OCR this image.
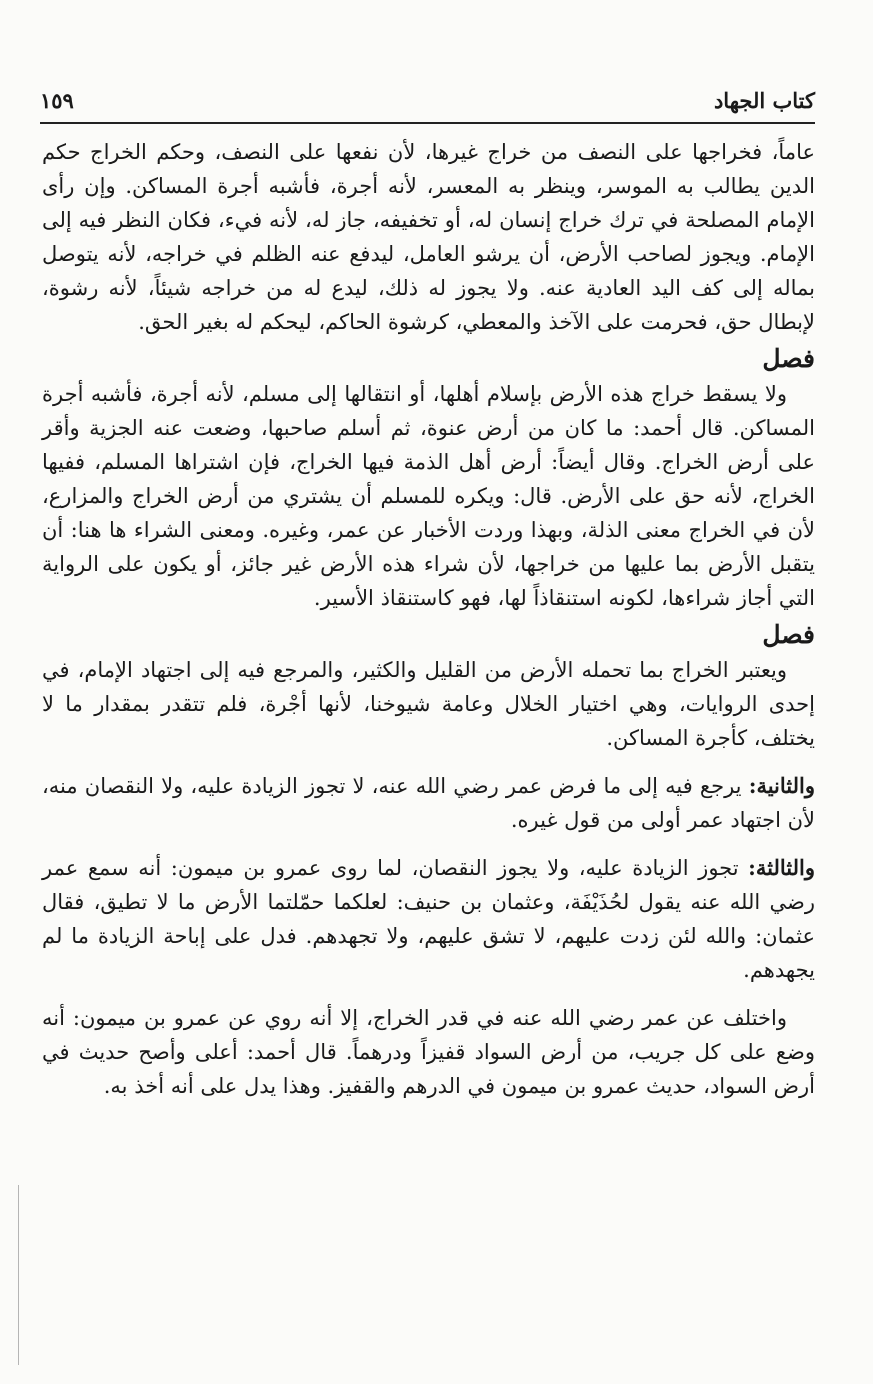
كتاب الجهاد
١٥٩

عاماً، فخراجها على النصف من خراج غيرها، لأن نفعها على النصف، وحكم الخراج حكم الدين يطالب به الموسر، وينظر به المعسر، لأنه أجرة، فأشبه أجرة المساكن. وإن رأى الإمام المصلحة في ترك خراج إنسان له، أو تخفيفه، جاز له، لأنه فيء، فكان النظر فيه إلى الإمام. ويجوز لصاحب الأرض، أن يرشو العامل، ليدفع عنه الظلم في خراجه، لأنه يتوصل بماله إلى كف اليد العادية عنه. ولا يجوز له ذلك، ليدع له من خراجه شيئاً، لأنه رشوة، لإبطال حق، فحرمت على الآخذ والمعطي، كرشوة الحاكم، ليحكم له بغير الحق.

فصل

ولا يسقط خراج هذه الأرض بإسلام أهلها، أو انتقالها إلى مسلم، لأنه أجرة، فأشبه أجرة المساكن. قال أحمد: ما كان من أرض عنوة، ثم أسلم صاحبها، وضعت عنه الجزية وأقر على أرض الخراج. وقال أيضاً: أرض أهل الذمة فيها الخراج، فإن اشتراها المسلم، ففيها الخراج، لأنه حق على الأرض. قال: ويكره للمسلم أن يشتري من أرض الخراج والمزارع، لأن في الخراج معنى الذلة، وبهذا وردت الأخبار عن عمر، وغيره. ومعنى الشراء ها هنا: أن يتقبل الأرض بما عليها من خراجها، لأن شراء هذه الأرض غير جائز، أو يكون على الرواية التي أجاز شراءها، لكونه استنقاذاً لها، فهو كاستنقاذ الأسير.

فصل

ويعتبر الخراج بما تحمله الأرض من القليل والكثير، والمرجع فيه إلى اجتهاد الإمام، في إحدى الروايات، وهي اختيار الخلال وعامة شيوخنا، لأنها أجْرة، فلم تتقدر بمقدار ما لا يختلف، كأجرة المساكن.

والثانية: يرجع فيه إلى ما فرض عمر رضي الله عنه، لا تجوز الزيادة عليه، ولا النقصان منه، لأن اجتهاد عمر أولى من قول غيره.

والثالثة: تجوز الزيادة عليه، ولا يجوز النقصان، لما روى عمرو بن ميمون: أنه سمع عمر رضي الله عنه يقول لحُذَيْفَة، وعثمان بن حنيف: لعلكما حمّلتما الأرض ما لا تطيق، فقال عثمان: والله لئن زدت عليهم، لا تشق عليهم، ولا تجهدهم. فدل على إباحة الزيادة ما لم يجهدهم.

واختلف عن عمر رضي الله عنه في قدر الخراج، إلا أنه روي عن عمرو بن ميمون: أنه وضع على كل جريب، من أرض السواد قفيزاً ودرهماً. قال أحمد: أعلى وأصح حديث في أرض السواد، حديث عمرو بن ميمون في الدرهم والقفيز. وهذا يدل على أنه أخذ به.
